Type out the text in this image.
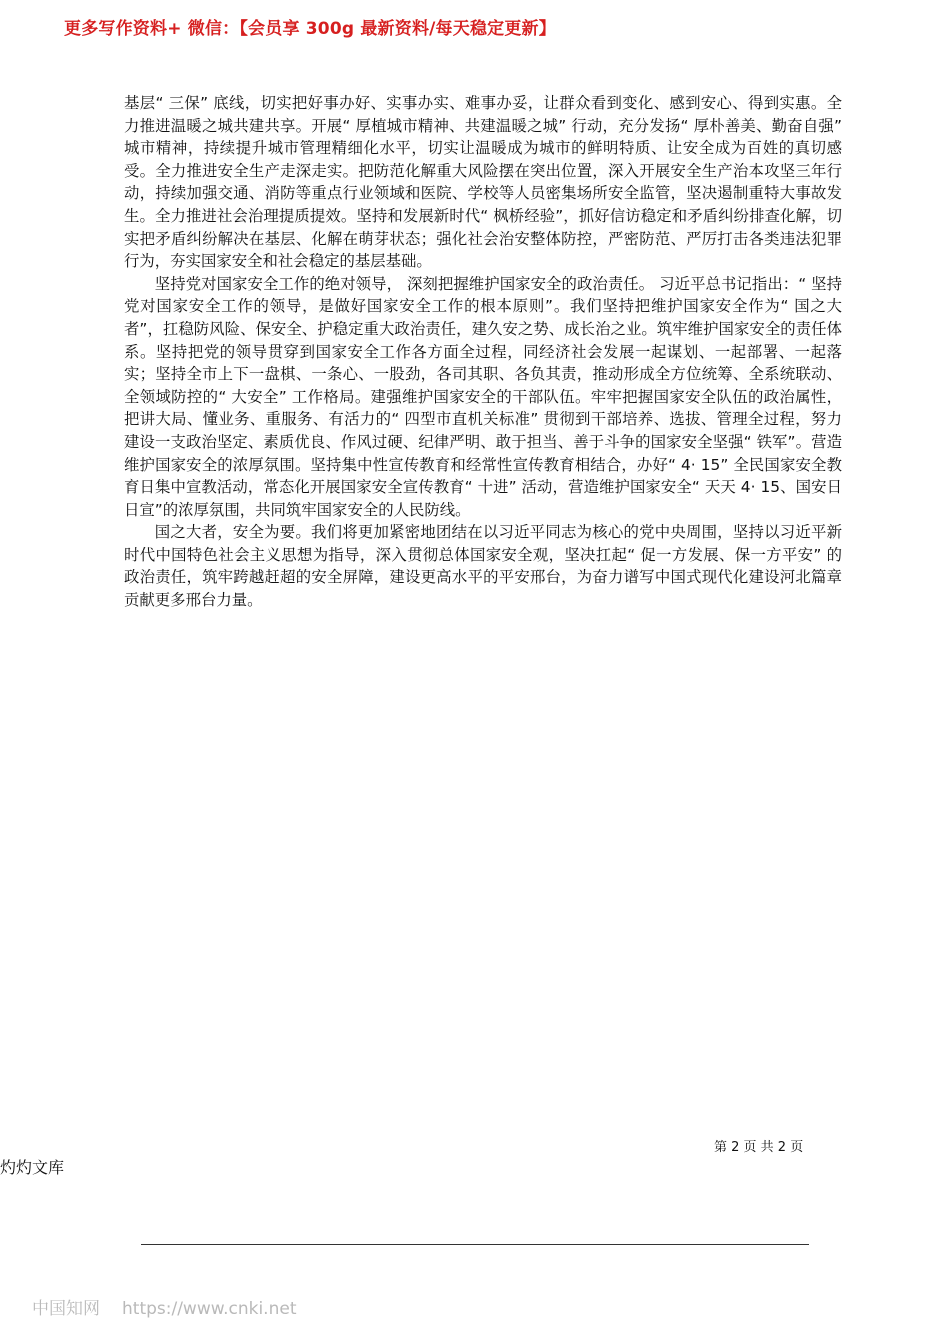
更多写作资料+ 微信：【会员享 300g 最新资料/每天稳定更新】

基层“ 三保” 底线，切实把好事办好、实事办实、难事办妥，让群众看到变化、感到安心、得到实惠。全力推进温暖之城共建共享。开展“ 厚植城市精神、共建温暖之城” 行动，充分发扬“ 厚朴善美、勤奋自强” 城市精神，持续提升城市管理精细化水平，切实让温暖成为城市的鲜明特质、让安全成为百姓的真切感受。全力推进安全生产走深走实。把防范化解重大风险摆在突出位置，深入开展安全生产治本攻坚三年行动，持续加强交通、消防等重点行业领域和医院、学校等人员密集场所安全监管，坚决遏制重特大事故发生。全力推进社会治理提质提效。坚持和发展新时代“ 枫桥经验”，抓好信访稳定和矛盾纠纷排查化解，切实把矛盾纠纷解决在基层、化解在萌芽状态；强化社会治安整体防控，严密防范、严厉打击各类违法犯罪行为，夯实国家安全和社会稳定的基层基础。

坚持党对国家安全工作的绝对领导， 深刻把握维护国家安全的政治责任。 习近平总书记指出：“ 坚持党对国家安全工作的领导，是做好国家安全工作的根本原则”。我们坚持把维护国家安全作为“ 国之大者”，扛稳防风险、保安全、护稳定重大政治责任，建久安之势、成长治之业。筑牢维护国家安全的责任体系。坚持把党的领导贯穿到国家安全工作各方面全过程，同经济社会发展一起谋划、一起部署、一起落实；坚持全市上下一盘棋、一条心、一股劲，各司其职、各负其责，推动形成全方位统筹、全系统联动、全领域防控的“ 大安全” 工作格局。建强维护国家安全的干部队伍。牢牢把握国家安全队伍的政治属性，把讲大局、懂业务、重服务、有活力的“ 四型市直机关标准” 贯彻到干部培养、选拔、管理全过程，努力建设一支政治坚定、素质优良、作风过硬、纪律严明、敢于担当、善于斗争的国家安全坚强“ 铁军”。营造维护国家安全的浓厚氛围。坚持集中性宣传教育和经常性宣传教育相结合，办好“ 4· 15” 全民国家安全教育日集中宣教活动，常态化开展国家安全宣传教育“ 十进” 活动，营造维护国家安全“ 天天 4· 15、国安日日宣”的浓厚氛围，共同筑牢国家安全的人民防线。

国之大者，安全为要。我们将更加紧密地团结在以习近平同志为核心的党中央周围，坚持以习近平新时代中国特色社会主义思想为指导，深入贯彻总体国家安全观，坚决扛起“ 促一方发展、保一方平安” 的政治责任，筑牢跨越赶超的安全屏障，建设更高水平的平安邢台，为奋力谱写中国式现代化建设河北篇章贡献更多邢台力量。

第 2 页 共 2 页
灼灼文库
中国知网 https://www.cnki.net
